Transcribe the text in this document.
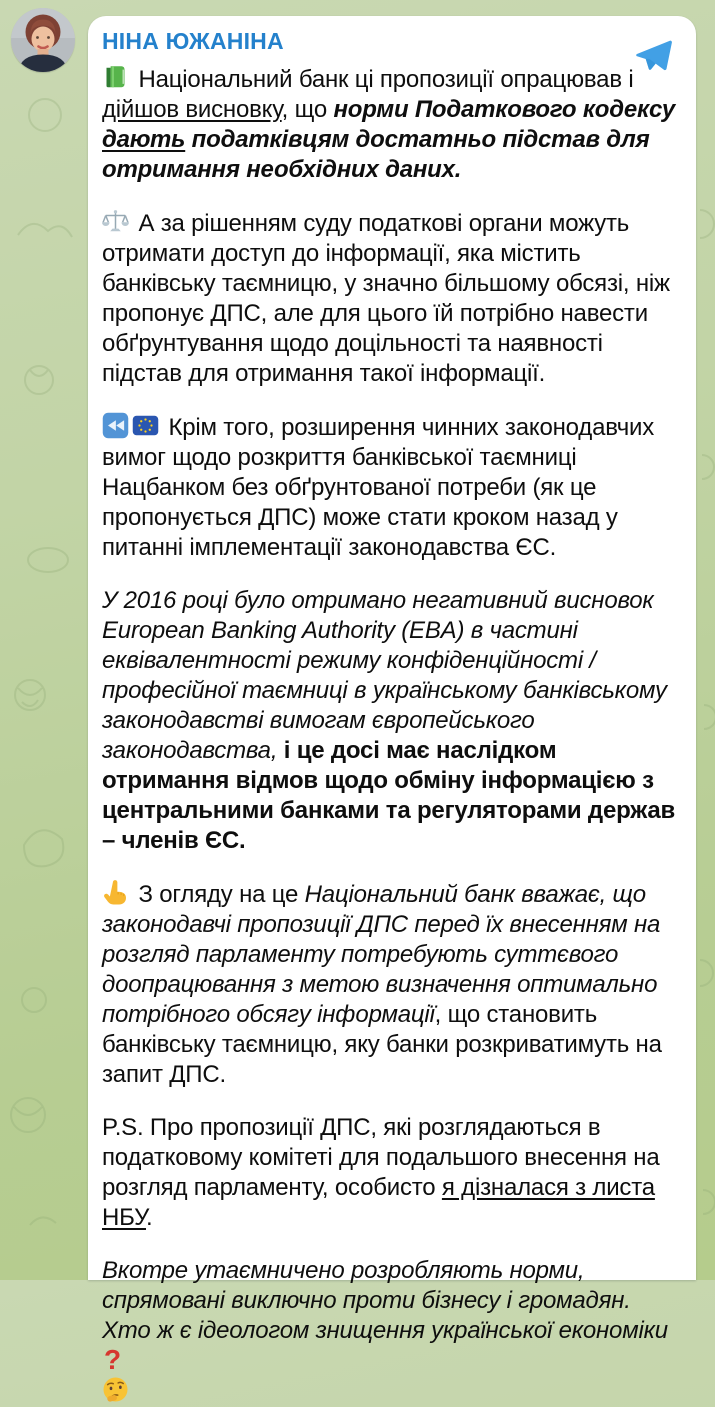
НІНА ЮЖАНІНА
Національний банк ці пропозиції опрацював і дійшов висновку, що норми Податкового кодексу дають податківцям достатньо підстав для отримання необхідних даних.
А за рішенням суду податкові органи можуть отримати доступ до інформації, яка містить банківську таємницю, у значно більшому обсязі, ніж пропонує ДПС, але для цього їй потрібно навести обґрунтування щодо доцільності та наявності підстав для отримання такої інформації.
Крім того, розширення чинних законодавчих вимог щодо розкриття банківської таємниці Нацбанком без обґрунтованої потреби (як це пропонується ДПС) може стати кроком назад у питанні імплементації законодавства ЄС.
У 2016 році було отримано негативний висновок European Banking Authority (EBA) в частині еквівалентності режиму конфіденційності / професійної таємниці в українському банківському законодавстві вимогам європейського законодавства, і це досі має наслідком отримання відмов щодо обміну інформацією з центральними банками та регуляторами держав – членів ЄС.
З огляду на це Національний банк вважає, що законодавчі пропозиції ДПС перед їх внесенням на розгляд парламенту потребують суттєвого доопрацювання з метою визначення оптимально потрібного обсягу інформації, що становить банківську таємницю, яку банки розкриватимуть на запит ДПС.
P.S. Про пропозиції ДПС, які розглядаються в податковому комітеті для подальшого внесення на розгляд парламенту, особисто я дізналася з листа НБУ.
Вкотре утаємничено розробляють норми, спрямовані виключно проти бізнесу і громадян.
Хто ж є ідеологом знищення української економіки ?
